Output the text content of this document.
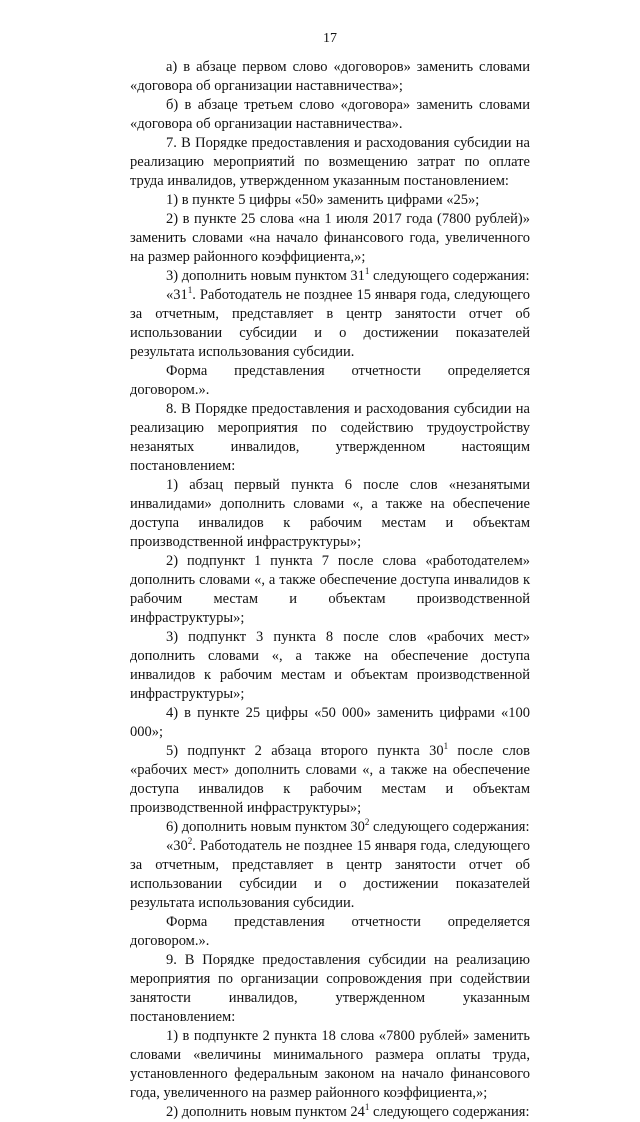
17

а) в абзаце первом слово «договоров» заменить словами «договора об организации наставничества»;

б) в абзаце третьем слово «договора» заменить словами «договора об организации наставничества».

7. В Порядке предоставления и расходования субсидии на реализацию мероприятий по возмещению затрат по оплате труда инвалидов, утвержденном указанным постановлением:

1) в пункте 5 цифры «50» заменить цифрами «25»;

2) в пункте 25 слова «на 1 июля 2017 года (7800 рублей)» заменить словами «на начало финансового года, увеличенного на размер районного коэффициента,»;

3) дополнить новым пунктом $31^1$ следующего содержания:

«$31^1$. Работодатель не позднее 15 января года, следующего за отчетным, представляет в центр занятости отчет об использовании субсидии и о достижении показателей результата использования субсидии.

Форма представления отчетности определяется договором.».

8. В Порядке предоставления и расходования субсидии на реализацию мероприятия по содействию трудоустройству незанятых инвалидов, утвержденном настоящим постановлением:

1) абзац первый пункта 6 после слов «незанятыми инвалидами» дополнить словами «, а также на обеспечение доступа инвалидов к рабочим местам и объектам производственной инфраструктуры»;

2) подпункт 1 пункта 7 после слова «работодателем» дополнить словами «, а также обеспечение доступа инвалидов к рабочим местам и объектам производственной инфраструктуры»;

3) подпункт 3 пункта 8 после слов «рабочих мест» дополнить словами «, а также на обеспечение доступа инвалидов к рабочим местам и объектам производственной инфраструктуры»;

4) в пункте 25 цифры «50 000» заменить цифрами «100 000»;

5) подпункт 2 абзаца второго пункта $30^1$ после слов «рабочих мест» дополнить словами «, а также на обеспечение доступа инвалидов к рабочим местам и объектам производственной инфраструктуры»;

6) дополнить новым пунктом $30^2$ следующего содержания:

«$30^2$. Работодатель не позднее 15 января года, следующего за отчетным, представляет в центр занятости отчет об использовании субсидии и о достижении показателей результата использования субсидии.

Форма представления отчетности определяется договором.».

9. В Порядке предоставления субсидии на реализацию мероприятия по организации сопровождения при содействии занятости инвалидов, утвержденном указанным постановлением:

1) в подпункте 2 пункта 18 слова «7800 рублей» заменить словами «величины минимального размера оплаты труда, установленного федеральным законом на начало финансового года, увеличенного на размер районного коэффициента,»;

2) дополнить новым пунктом $24^1$ следующего содержания:
